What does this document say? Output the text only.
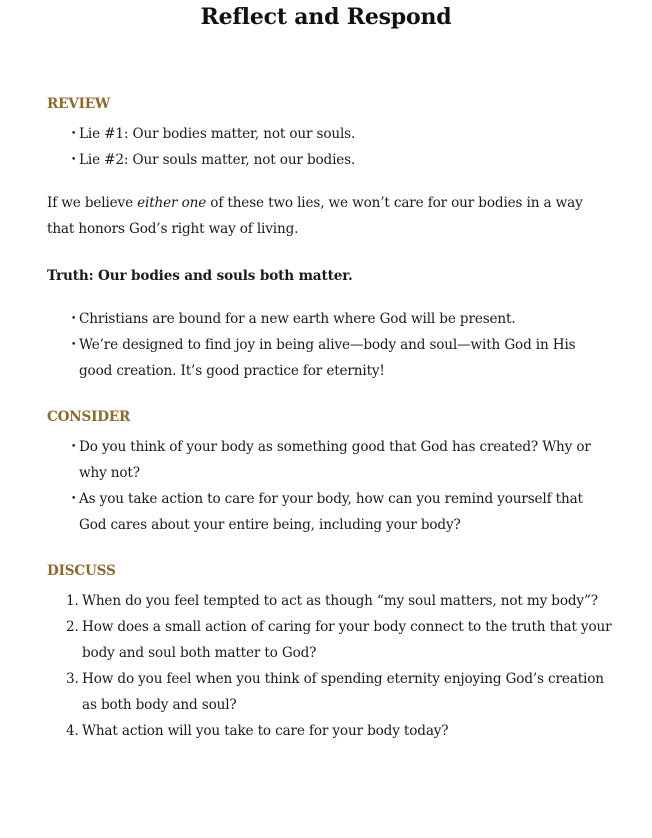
Reflect and Respond
REVIEW
• Lie #1: Our bodies matter, not our souls.
• Lie #2: Our souls matter, not our bodies.

If we believe either one of these two lies, we won’t care for our bodies in a way that honors God’s right way of living.

Truth: Our bodies and souls both matter.

• Christians are bound for a new earth where God will be present.
• We’re designed to find joy in being alive—body and soul—with God in His good creation. It’s good practice for eternity!
CONSIDER
• Do you think of your body as something good that God has created? Why or why not?
• As you take action to care for your body, how can you remind yourself that God cares about your entire being, including your body?
DISCUSS
1. When do you feel tempted to act as though “my soul matters, not my body”?
2. How does a small action of caring for your body connect to the truth that your body and soul both matter to God?
3. How do you feel when you think of spending eternity enjoying God’s creation as both body and soul?
4. What action will you take to care for your body today?
